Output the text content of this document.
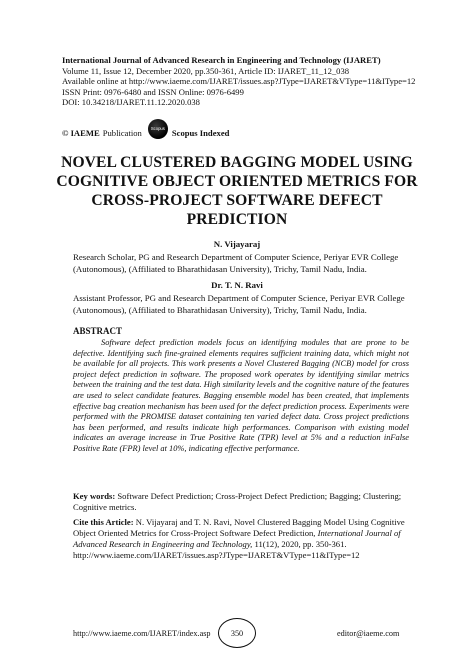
International Journal of Advanced Research in Engineering and Technology (IJARET)
Volume 11, Issue 12, December 2020, pp.350-361, Article ID: IJARET_11_12_038
Available online at http://www.iaeme.com/IJARET/issues.asp?JType=IJARET&VType=11&IType=12
ISSN Print: 0976-6480 and ISSN Online: 0976-6499
DOI: 10.34218/IJARET.11.12.2020.038
© IAEME Publication	Scopus Scopus Indexed
NOVEL CLUSTERED BAGGING MODEL USING COGNITIVE OBJECT ORIENTED METRICS FOR CROSS-PROJECT SOFTWARE DEFECT PREDICTION
N. Vijayaraj
Research Scholar, PG and Research Department of Computer Science, Periyar EVR College (Autonomous), (Affiliated to Bharathidasan University), Trichy, Tamil Nadu, India.
Dr. T. N. Ravi
Assistant Professor, PG and Research Department of Computer Science, Periyar EVR College (Autonomous), (Affiliated to Bharathidasan University), Trichy, Tamil Nadu, India.
ABSTRACT

Software defect prediction models focus on identifying modules that are prone to be defective. Identifying such fine-grained elements requires sufficient training data, which might not be available for all projects. This work presents a Novel Clustered Bagging (NCB) model for cross project defect prediction in software. The proposed work operates by identifying similar metrics between the training and the test data. High similarity levels and the cognitive nature of the features are used to select candidate features. Bagging ensemble model has been created, that implements effective bag creation mechanism has been used for the defect prediction process. Experiments were performed with the PROMISE dataset containing ten varied defect data. Cross project predictions has been performed, and results indicate high performances. Comparison with existing model indicates an average increase in True Positive Rate (TPR) level at 5% and a reduction inFalse Positive Rate (FPR) level at 10%, indicating effective performance.

Key words: Software Defect Prediction; Cross-Project Defect Prediction; Bagging; Clustering; Cognitive metrics.
Cite this Article: N. Vijayaraj and T. N. Ravi, Novel Clustered Bagging Model Using Cognitive Object Oriented Metrics for Cross-Project Software Defect Prediction, International Journal of Advanced Research in Engineering and Technology, 11(12), 2020, pp. 350-361. http://www.iaeme.com/IJARET/issues.asp?JType=IJARET&VType=11&IType=12
http://www.iaeme.com/IJARET/index.asp	350	editor@iaeme.com
